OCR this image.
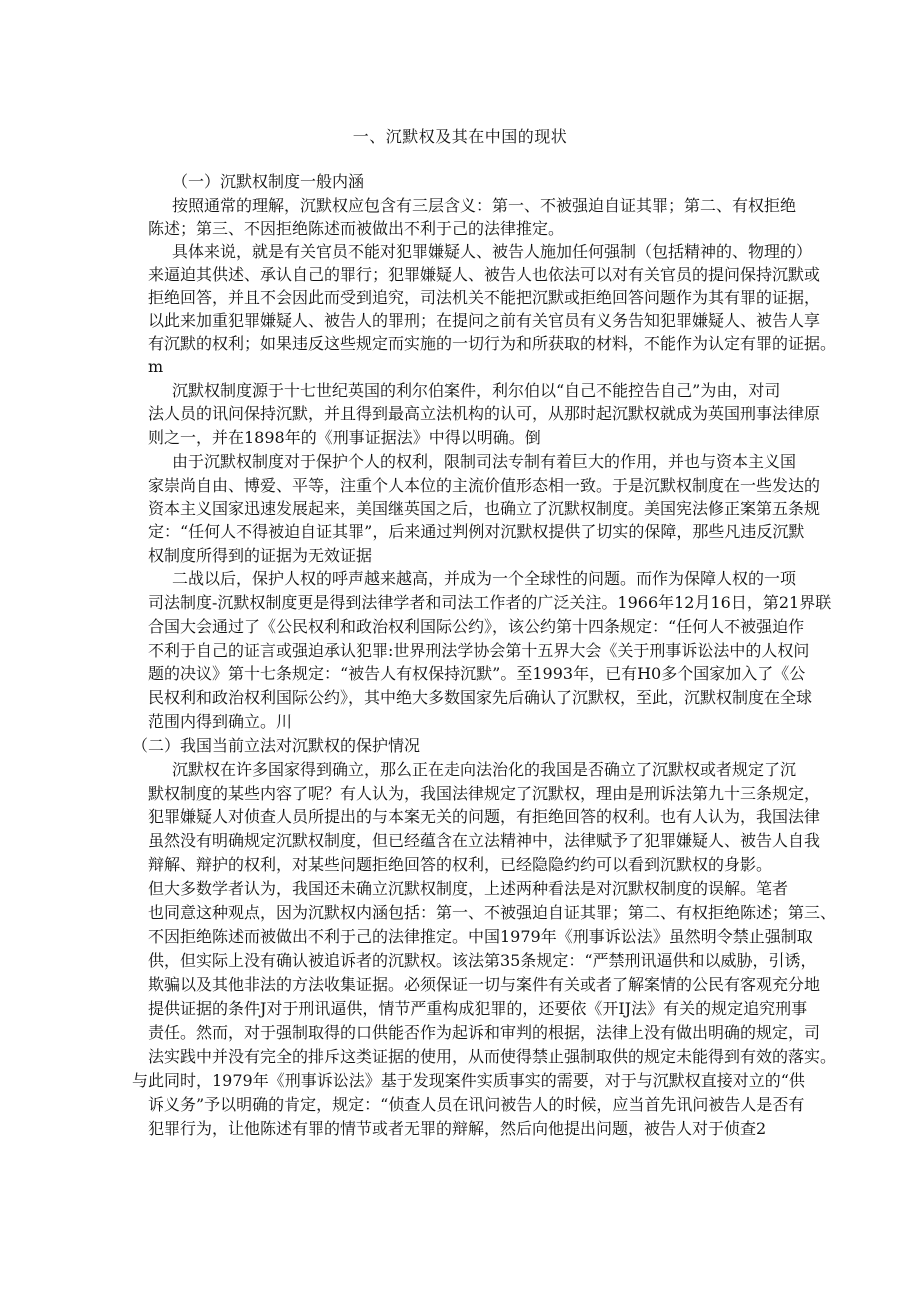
一、沉默权及其在中国的现状
（一）沉默权制度一般内涵
按照通常的理解，沉默权应包含有三层含义：第一、不被强迫自证其罪；第二、有权拒绝
陈述；第三、不因拒绝陈述而被做出不利于己的法律推定。
具体来说，就是有关官员不能对犯罪嫌疑人、被告人施加任何强制（包括精神的、物理的）
来逼迫其供述、承认自己的罪行；犯罪嫌疑人、被告人也依法可以对有关官员的提问保持沉默或
拒绝回答，并且不会因此而受到追究，司法机关不能把沉默或拒绝回答问题作为其有罪的证据，
以此来加重犯罪嫌疑人、被告人的罪刑；在提问之前有关官员有义务告知犯罪嫌疑人、被告人享
有沉默的权利；如果违反这些规定而实施的一切行为和所获取的材料，不能作为认定有罪的证据。
m
沉默权制度源于十七世纪英国的利尔伯案件，利尔伯以“自己不能控告自己”为由，对司
法人员的讯问保持沉默，并且得到最高立法机构的认可，从那时起沉默权就成为英国刑事法律原
则之一，并在1898年的《刑事证据法》中得以明确。倒
由于沉默权制度对于保护个人的权利，限制司法专制有着巨大的作用，并也与资本主义国
家崇尚自由、博爱、平等，注重个人本位的主流价值形态相一致。于是沉默权制度在一些发达的
资本主义国家迅速发展起来，美国继英国之后，也确立了沉默权制度。美国宪法修正案第五条规
定：“任何人不得被迫自证其罪”，后来通过判例对沉默权提供了切实的保障，那些凡违反沉默
权制度所得到的证据为无效证据
二战以后，保护人权的呼声越来越高，并成为一个全球性的问题。而作为保障人权的一项
司法制度-沉默权制度更是得到法律学者和司法工作者的广泛关注。1966年12月16日，第21界联
合国大会通过了《公民权利和政治权利国际公约》，该公约第十四条规定：“任何人不被强迫作
不利于自己的证言或强迫承认犯罪:世界刑法学协会第十五界大会《关于刑事诉讼法中的人权问
题的决议》第十七条规定：“被告人有权保持沉默”。至1993年，已有H0多个国家加入了《公
民权利和政治权利国际公约》，其中绝大多数国家先后确认了沉默权，至此，沉默权制度在全球
范围内得到确立。川
（二）我国当前立法对沉默权的保护情况
沉默权在许多国家得到确立，那么正在走向法治化的我国是否确立了沉默权或者规定了沉
默权制度的某些内容了呢？有人认为，我国法律规定了沉默权，理由是刑诉法第九十三条规定，
犯罪嫌疑人对侦查人员所提出的与本案无关的问题，有拒绝回答的权利。也有人认为，我国法律
虽然没有明确规定沉默权制度，但已经蕴含在立法精神中，法律赋予了犯罪嫌疑人、被告人自我
辩解、辩护的权利，对某些问题拒绝回答的权利，已经隐隐约约可以看到沉默权的身影。
但大多数学者认为，我国还未确立沉默权制度，上述两种看法是对沉默权制度的误解。笔者
也同意这种观点，因为沉默权内涵包括：第一、不被强迫自证其罪；第二、有权拒绝陈述；第三、
不因拒绝陈述而被做出不利于己的法律推定。中国1979年《刑事诉讼法》虽然明令禁止强制取
供，但实际上没有确认被追诉者的沉默权。该法第35条规定：“严禁刑讯逼供和以威胁，引诱，
欺骗以及其他非法的方法收集证据。必须保证一切与案件有关或者了解案情的公民有客观充分地
提供证据的条件J对于刑讯逼供，情节严重构成犯罪的，还要依《开IJ法》有关的规定追究刑事
责任。然而，对于强制取得的口供能否作为起诉和审判的根据，法律上没有做出明确的规定，司
法实践中并没有完全的排斥这类证据的使用，从而使得禁止强制取供的规定未能得到有效的落实。
与此同时，1979年《刑事诉讼法》基于发现案件实质事实的需要，对于与沉默权直接对立的“供
诉义务”予以明确的肯定，规定：“侦查人员在讯问被告人的时候，应当首先讯问被告人是否有
犯罪行为，让他陈述有罪的情节或者无罪的辩解，然后向他提出问题，被告人对于侦查2
